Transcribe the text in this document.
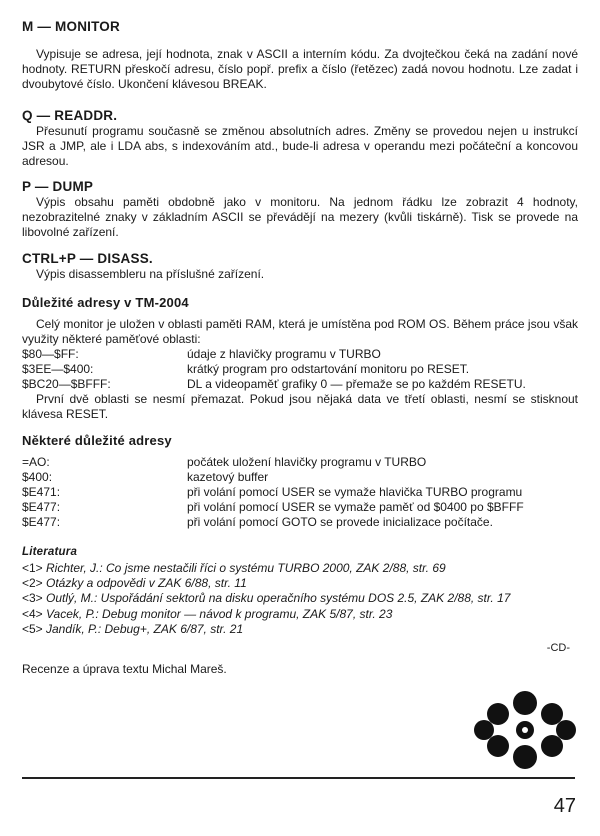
M — MONITOR

Vypisuje se adresa, její hodnota, znak v ASCII a interním kódu. Za dvojtečkou čeká na zadání nové hodnoty. RETURN přeskočí adresu, číslo popř. prefix a číslo (řetězec) zadá novou hodnotu. Lze zadat i dvoubytové číslo. Ukončení klávesou BREAK.

Q — READDR.

Přesunutí programu současně se změnou absolutních adres. Změny se provedou nejen u instrukcí JSR a JMP, ale i LDA abs, s indexováním atd., bude-li adresa v operandu mezi počáteční a koncovou adresou.

P — DUMP

Výpis obsahu paměti obdobně jako v monitoru. Na jednom řádku lze zobrazit 4 hodnoty, nezobrazitelné znaky v základním ASCII se převádějí na mezery (kvůli tiskárně). Tisk se provede na libovolné zařízení.

CTRL+P — DISASS.

Výpis disassembleru na příslušné zařízení.

Důležité adresy v TM-2004

Celý monitor je uložen v oblasti paměti RAM, která je umístěna pod ROM OS. Během práce jsou však využity některé paměťové oblasti:

$80—$FF:	údaje z hlavičky programu v TURBO
$3EE—$400:	krátký program pro odstartování monitoru po RESET.
$BC20—$BFFF:	DL a videopaměť grafiky 0 — přemaže se po každém RESETU.

První dvě oblasti se nesmí přemazat. Pokud jsou nějaká data ve třetí oblasti, nesmí se stisknout klávesa RESET.

Některé důležité adresy
=AO:	počátek uložení hlavičky programu v TURBO
$400:	kazetový buffer
$E471:	při volání pomocí USER se vymaže hlavička TURBO programu
$E477:	při volání pomocí USER se vymaže paměť od $0400 po $BFFF
$E477:	při volání pomocí GOTO se provede inicializace počítače.
Literatura

<1> Richter, J.: Co jsme nestačili říci o systému TURBO 2000, ZAK 2/88, str. 69

<2> Otázky a odpovědi v ZAK 6/88, str. 11

<3> Outlý, M.: Uspořádání sektorů na disku operačního systému DOS 2.5, ZAK 2/88, str. 17

<4> Vacek, P.: Debug monitor — návod k programu, ZAK 5/87, str. 23

<5> Jandík, P.: Debug+, ZAK 6/87, str. 21

-CD-

Recenze a úprava textu Michal Mareš.

47
